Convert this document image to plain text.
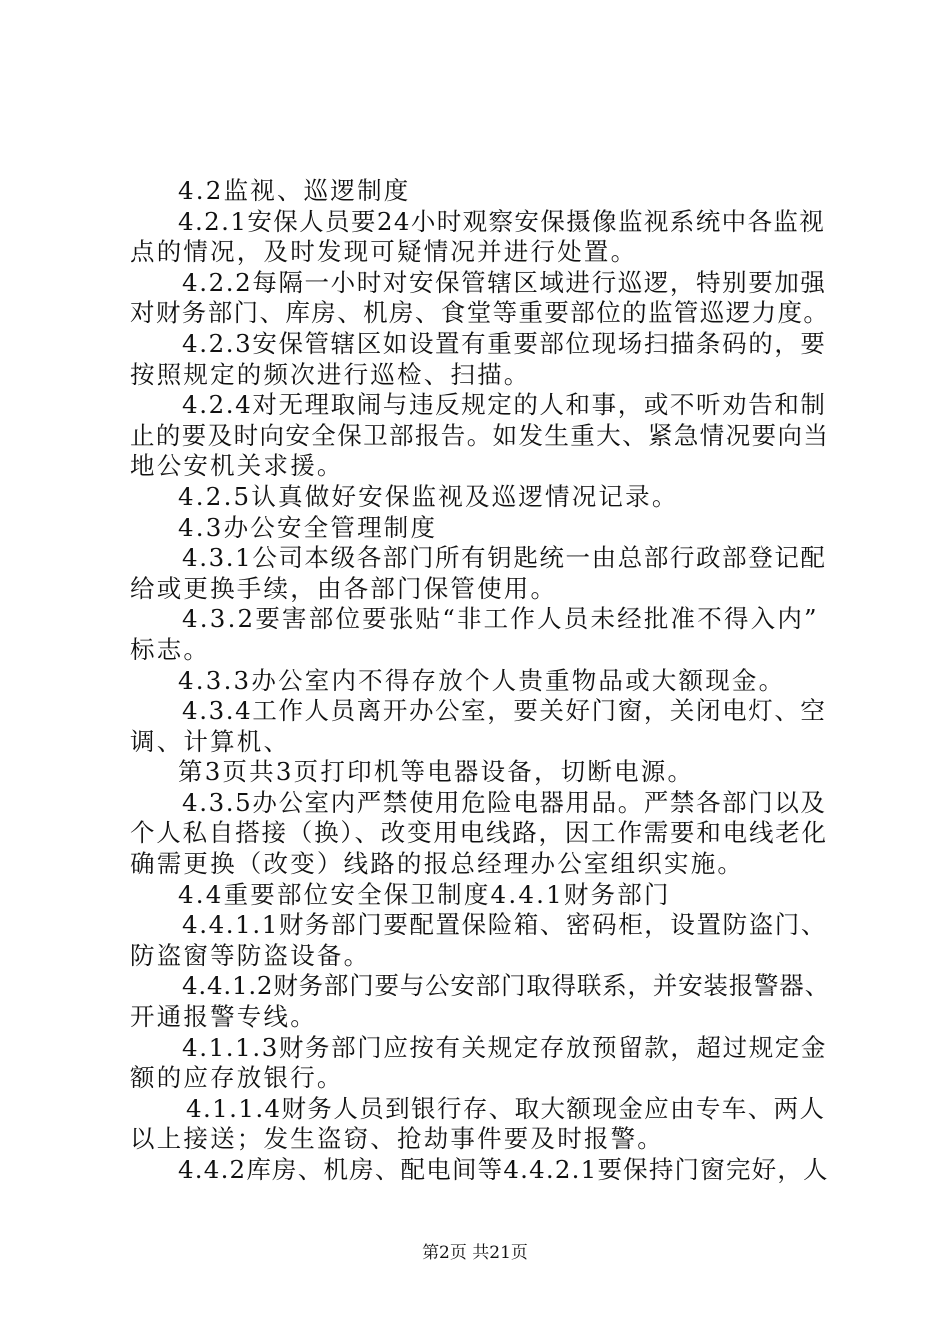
4.2监视、巡逻制度
4.2.1安保人员要24小时观察安保摄像监视系统中各监视
点的情况，及时发现可疑情况并进行处置。
4.2.2每隔一小时对安保管辖区域进行巡逻，特别要加强
对财务部门、库房、机房、食堂等重要部位的监管巡逻力度。
4.2.3安保管辖区如设置有重要部位现场扫描条码的，要
按照规定的频次进行巡检、扫描。
4.2.4对无理取闹与违反规定的人和事，或不听劝告和制
止的要及时向安全保卫部报告。如发生重大、紧急情况要向当
地公安机关求援。
4.2.5认真做好安保监视及巡逻情况记录。
4.3办公安全管理制度
4.3.1公司本级各部门所有钥匙统一由总部行政部登记配
给或更换手续，由各部门保管使用。
4.3.2要害部位要张贴“非工作人员未经批准不得入内”
标志。
4.3.3办公室内不得存放个人贵重物品或大额现金。
4.3.4工作人员离开办公室，要关好门窗，关闭电灯、空
调、计算机、
第3页共3页打印机等电器设备，切断电源。
4.3.5办公室内严禁使用危险电器用品。严禁各部门以及
个人私自搭接（换）、改变用电线路，因工作需要和电线老化
确需更换（改变）线路的报总经理办公室组织实施。
4.4重要部位安全保卫制度4.4.1财务部门
4.4.1.1财务部门要配置保险箱、密码柜，设置防盗门、
防盗窗等防盗设备。
4.4.1.2财务部门要与公安部门取得联系，并安装报警器、
开通报警专线。
4.1.1.3财务部门应按有关规定存放预留款，超过规定金
额的应存放银行。
4.1.1.4财务人员到银行存、取大额现金应由专车、两人
以上接送；发生盗窃、抢劫事件要及时报警。
4.4.2库房、机房、配电间等4.4.2.1要保持门窗完好，人
第2页 共21页
